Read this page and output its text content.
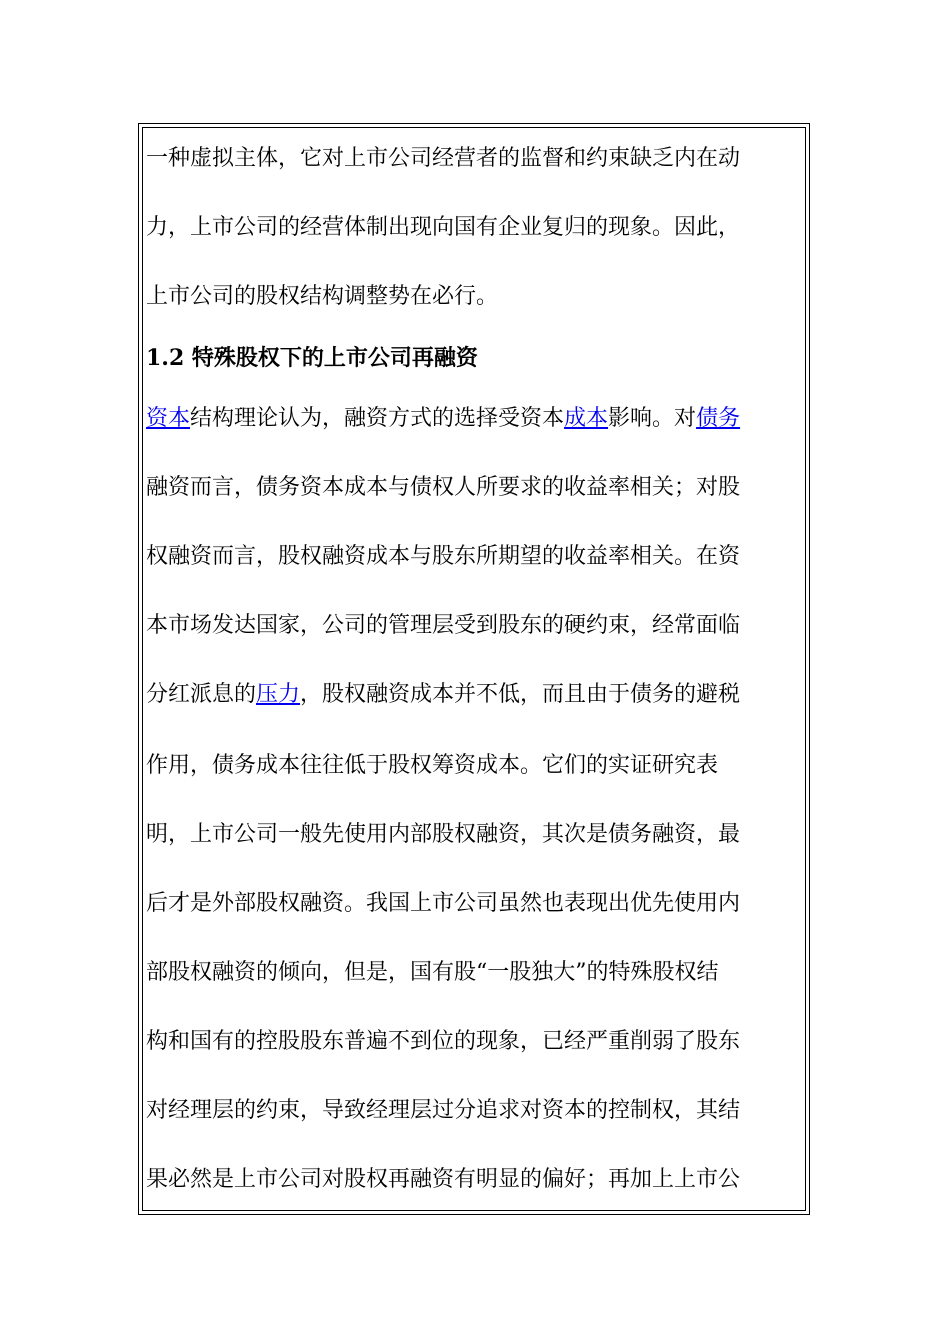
一种虚拟主体，它对上市公司经营者的监督和约束缺乏内在动
力，上市公司的经营体制出现向国有企业复归的现象。因此，
上市公司的股权结构调整势在必行。
1.2 特殊股权下的上市公司再融资
资本结构理论认为，融资方式的选择受资本成本影响。对债务
融资而言，债务资本成本与债权人所要求的收益率相关；对股
权融资而言，股权融资成本与股东所期望的收益率相关。在资
本市场发达国家，公司的管理层受到股东的硬约束，经常面临
分红派息的压力，股权融资成本并不低，而且由于债务的避税
作用，债务成本往往低于股权筹资成本。它们的实证研究表
明，上市公司一般先使用内部股权融资，其次是债务融资，最
后才是外部股权融资。我国上市公司虽然也表现出优先使用内
部股权融资的倾向，但是，国有股“一股独大”的特殊股权结
构和国有的控股股东普遍不到位的现象，已经严重削弱了股东
对经理层的约束，导致经理层过分追求对资本的控制权，其结
果必然是上市公司对股权再融资有明显的偏好；再加上上市公
